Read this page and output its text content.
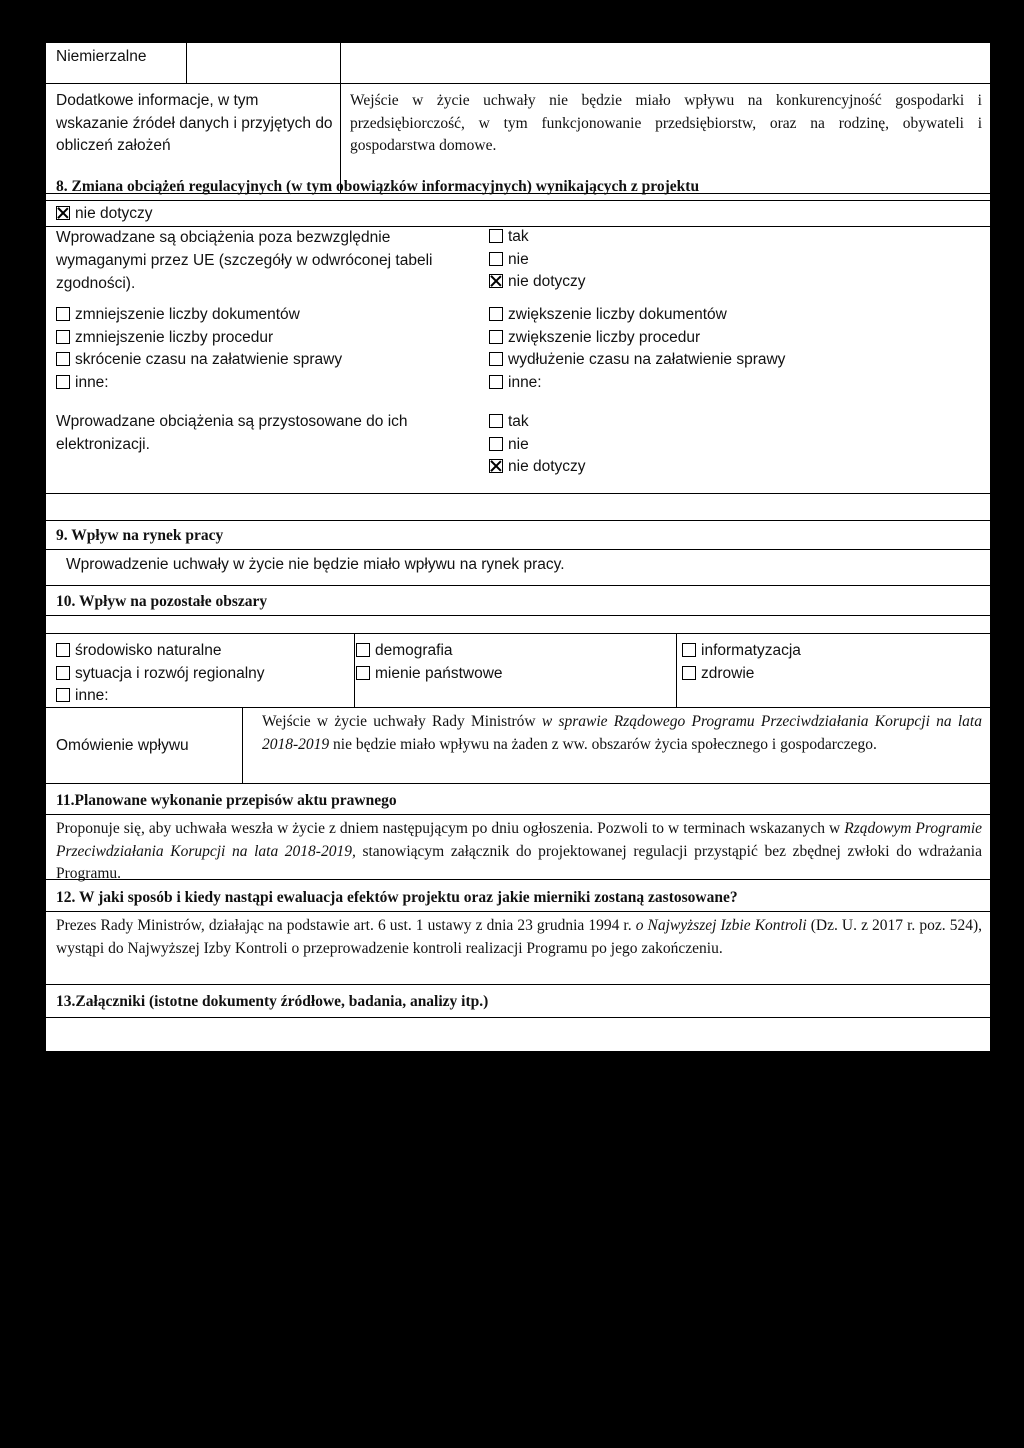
Niemierzalne
Dodatkowe informacje, w tym wskazanie źródeł danych i przyjętych do obliczeń założeń
Wejście w życie uchwały nie będzie miało wpływu na konkurencyjność gospodarki i przedsiębiorczość, w tym funkcjonowanie przedsiębiorstw, oraz na rodzinę, obywateli i gospodarstwa domowe.
8. Zmiana obciążeń regulacyjnych (w tym obowiązków informacyjnych) wynikających z projektu
nie dotyczy
Wprowadzane są obciążenia poza bezwzględnie wymaganymi przez UE (szczegóły w odwróconej tabeli zgodności).
tak
nie
nie dotyczy
zmniejszenie liczby dokumentów
zmniejszenie liczby procedur
skrócenie czasu na załatwienie sprawy
inne:
zwiększenie liczby dokumentów
zwiększenie liczby procedur
wydłużenie czasu na załatwienie sprawy
inne:
Wprowadzane obciążenia są przystosowane do ich elektronizacji.
tak
nie
nie dotyczy
9. Wpływ na rynek pracy
Wprowadzenie uchwały w życie nie będzie miało wpływu na rynek pracy.
10. Wpływ na pozostałe obszary
środowisko naturalne
sytuacja i rozwój regionalny
inne:
demografia
mienie państwowe
informatyzacja
zdrowie
Omówienie wpływu
Wejście w życie uchwały Rady Ministrów w sprawie Rządowego Programu Przeciwdziałania Korupcji na lata 2018-2019 nie będzie miało wpływu na żaden z ww. obszarów życia społecznego i gospodarczego.
11.Planowane wykonanie przepisów aktu prawnego
Proponuje się, aby uchwała weszła w życie z dniem następującym po dniu ogłoszenia. Pozwoli to w terminach wskazanych w Rządowym Programie Przeciwdziałania Korupcji na lata 2018-2019, stanowiącym załącznik do projektowanej regulacji przystąpić bez zbędnej zwłoki do wdrażania Programu.
12. W jaki sposób i kiedy nastąpi ewaluacja efektów projektu oraz jakie mierniki zostaną zastosowane?
Prezes Rady Ministrów, działając na podstawie art. 6 ust. 1 ustawy z dnia 23 grudnia 1994 r. o Najwyższej Izbie Kontroli (Dz. U. z 2017 r. poz. 524), wystąpi do Najwyższej Izby Kontroli o przeprowadzenie kontroli realizacji Programu po jego zakończeniu.
13.Załączniki (istotne dokumenty źródłowe, badania, analizy itp.)
